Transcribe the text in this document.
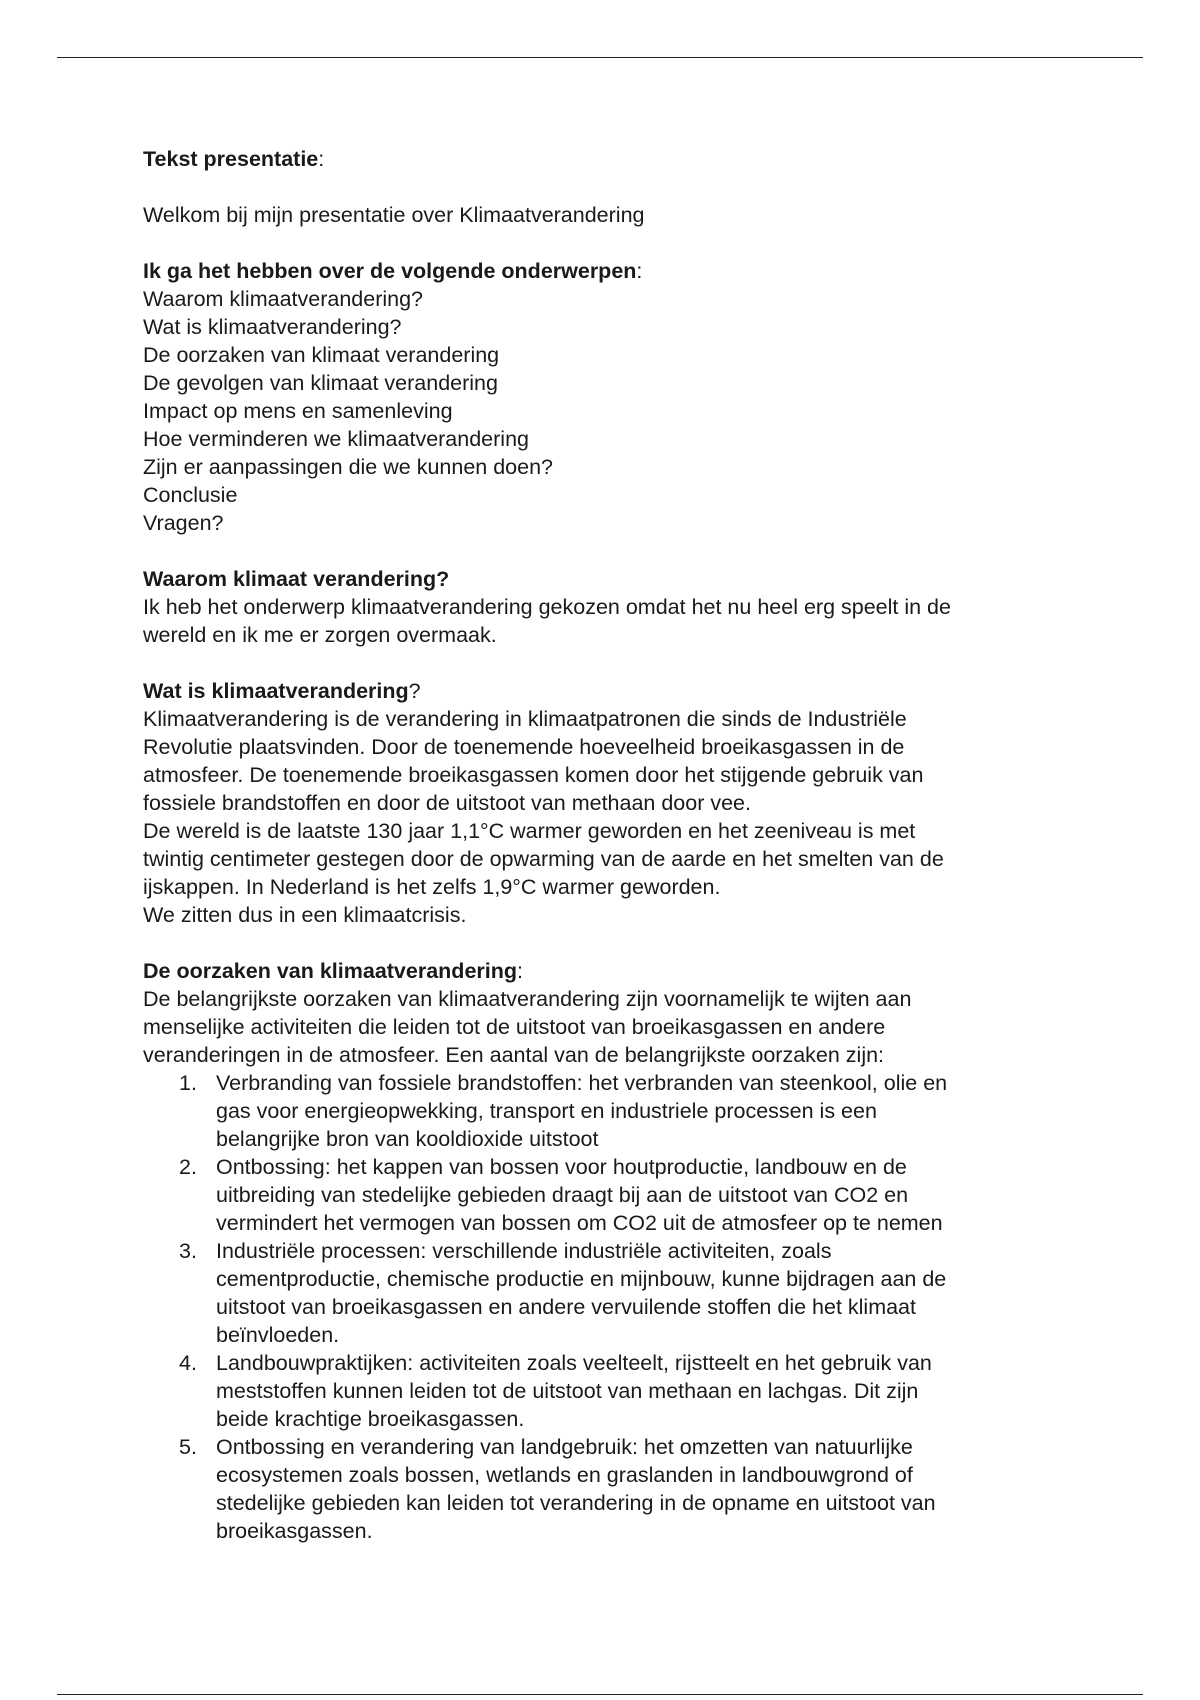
Tekst presentatie:

Welkom bij mijn presentatie over Klimaatverandering

Ik ga het hebben over de volgende onderwerpen:

Waarom klimaatverandering?

Wat is klimaatverandering?

De oorzaken van klimaat verandering

De gevolgen van klimaat verandering

Impact op mens en samenleving

Hoe verminderen we klimaatverandering

Zijn er aanpassingen die we kunnen doen?

Conclusie

Vragen?

Waarom klimaat verandering?

Ik heb het onderwerp klimaatverandering gekozen omdat het nu heel erg speelt in de
wereld en ik me er zorgen overmaak.

Wat is klimaatverandering?

Klimaatverandering is de verandering in klimaatpatronen die sinds de Industriële
Revolutie plaatsvinden. Door de toenemende hoeveelheid broeikasgassen in de
atmosfeer. De toenemende broeikasgassen komen door het stijgende gebruik van
fossiele brandstoffen en door de uitstoot van methaan door vee.
De wereld is de laatste 130 jaar 1,1°C warmer geworden en het zeeniveau is met
twintig centimeter gestegen door de opwarming van de aarde en het smelten van de
ijskappen. In Nederland is het zelfs 1,9°C warmer geworden.
We zitten dus in een klimaatcrisis.

De oorzaken van klimaatverandering:

De belangrijkste oorzaken van klimaatverandering zijn voornamelijk te wijten aan
menselijke activiteiten die leiden tot de uitstoot van broeikasgassen en andere
veranderingen in de atmosfeer. Een aantal van de belangrijkste oorzaken zijn:
1. Verbranding van fossiele brandstoffen: het verbranden van steenkool, olie en
gas voor energieopwekking, transport en industriele processen is een
belangrijke bron van kooldioxide uitstoot
2. Ontbossing: het kappen van bossen voor houtproductie, landbouw en de
uitbreiding van stedelijke gebieden draagt bij aan de uitstoot van CO2 en
vermindert het vermogen van bossen om CO2 uit de atmosfeer op te nemen
3. Industriële processen: verschillende industriële activiteiten, zoals
cementproductie, chemische productie en mijnbouw, kunne bijdragen aan de
uitstoot van broeikasgassen en andere vervuilende stoffen die het klimaat
beïnvloeden.
4. Landbouwpraktijken: activiteiten zoals veelteelt, rijstteelt en het gebruik van
meststoffen kunnen leiden tot de uitstoot van methaan en lachgas. Dit zijn
beide krachtige broeikasgassen.
5. Ontbossing en verandering van landgebruik: het omzetten van natuurlijke
ecosystemen zoals bossen, wetlands en graslanden in landbouwgrond of
stedelijke gebieden kan leiden tot verandering in de opname en uitstoot van
broeikasgassen.
